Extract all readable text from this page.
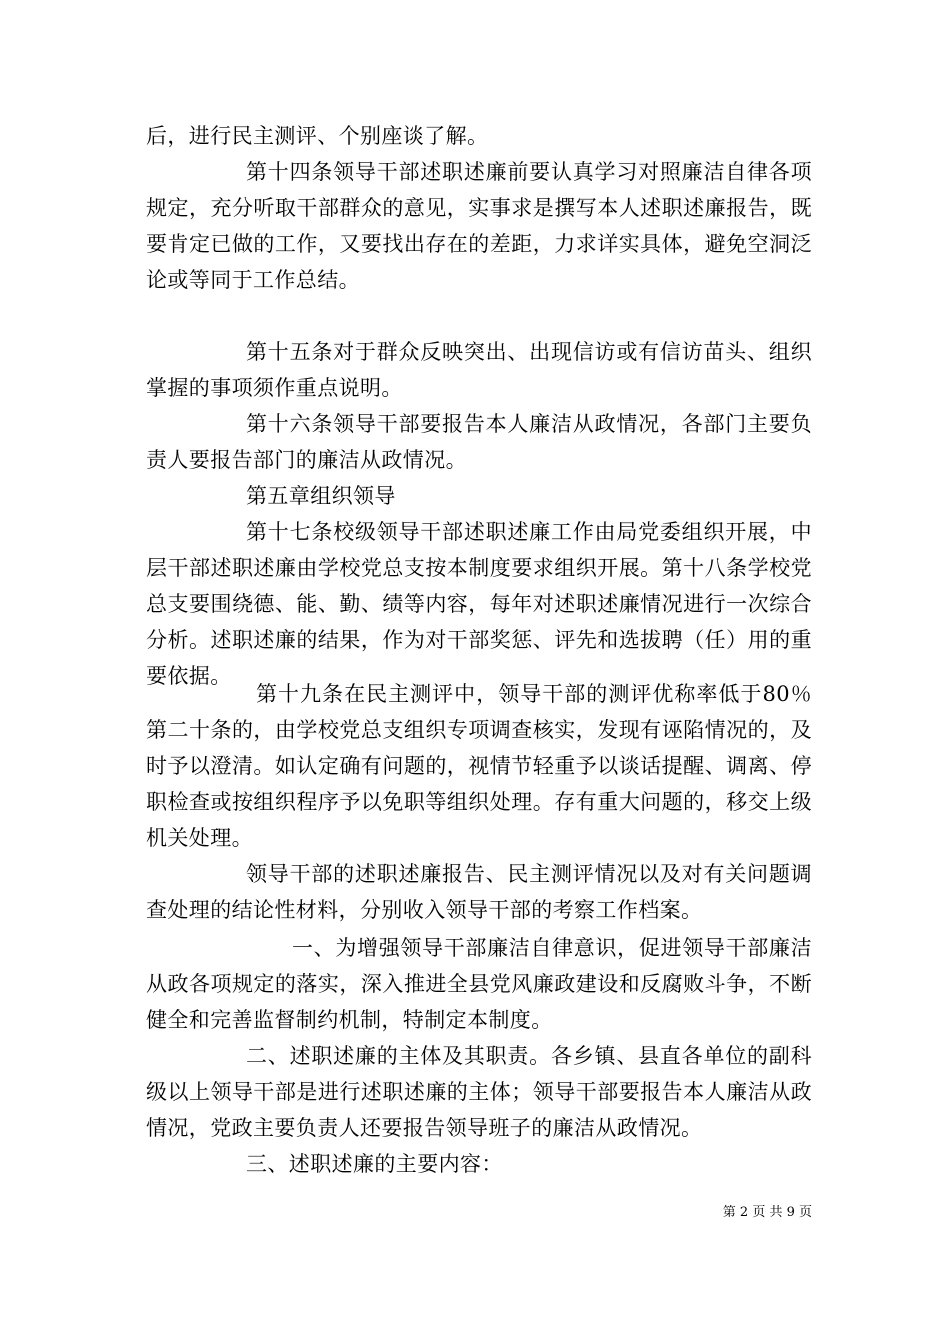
后，进行民主测评、个别座谈了解。

第十四条领导干部述职述廉前要认真学习对照廉洁自律各项规定，充分听取干部群众的意见，实事求是撰写本人述职述廉报告，既要肯定已做的工作，又要找出存在的差距，力求详实具体，避免空洞泛论或等同于工作总结。

第十五条对于群众反映突出、出现信访或有信访苗头、组织掌握的事项须作重点说明。

第十六条领导干部要报告本人廉洁从政情况，各部门主要负责人要报告部门的廉洁从政情况。

第五章组织领导

第十七条校级领导干部述职述廉工作由局党委组织开展，中层干部述职述廉由学校党总支按本制度要求组织开展。第十八条学校党总支要围绕德、能、勤、绩等内容，每年对述职述廉情况进行一次综合分析。述职述廉的结果，作为对干部奖惩、评先和选拔聘（任）用的重要依据。

第十九条在民主测评中，领导干部的测评优称率低于80％第二十条的，由学校党总支组织专项调查核实，发现有诬陷情况的，及时予以澄清。如认定确有问题的，视情节轻重予以谈话提醒、调离、停职检查或按组织程序予以免职等组织处理。存有重大问题的，移交上级机关处理。

领导干部的述职述廉报告、民主测评情况以及对有关问题调查处理的结论性材料，分别收入领导干部的考察工作档案。

一、为增强领导干部廉洁自律意识，促进领导干部廉洁从政各项规定的落实，深入推进全县党风廉政建设和反腐败斗争，不断健全和完善监督制约机制，特制定本制度。

二、述职述廉的主体及其职责。各乡镇、县直各单位的副科级以上领导干部是进行述职述廉的主体；领导干部要报告本人廉洁从政情况，党政主要负责人还要报告领导班子的廉洁从政情况。

三、述职述廉的主要内容：

第 2 页 共 9 页
